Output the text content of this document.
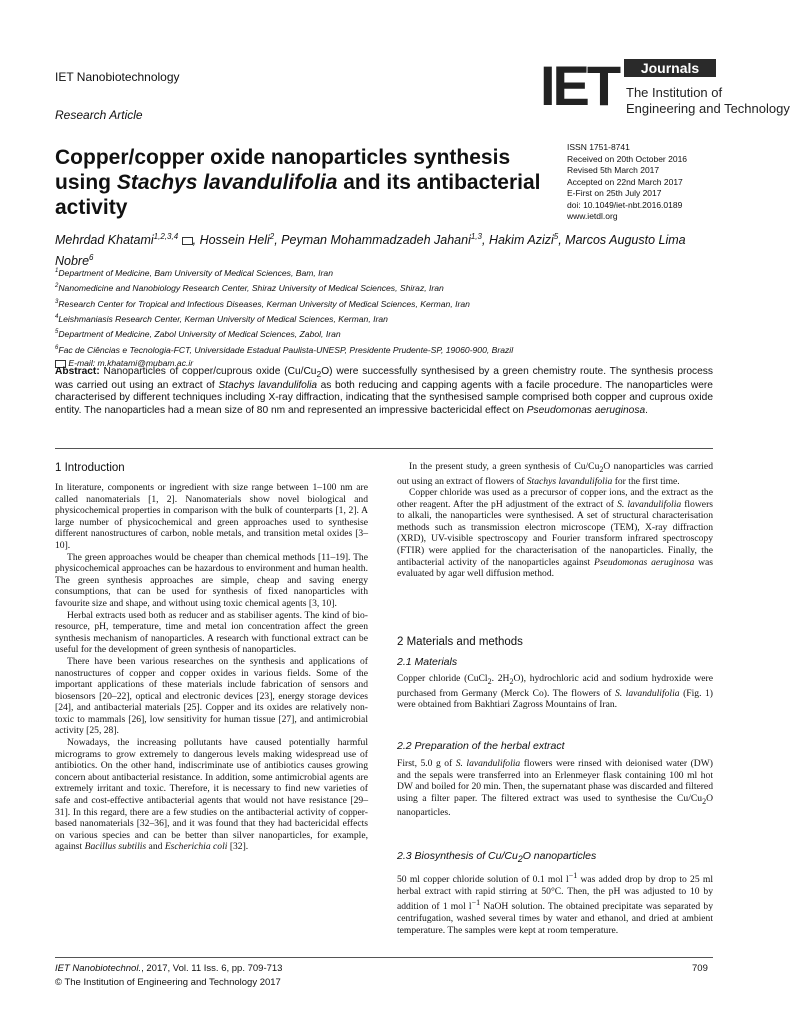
IET Nanobiotechnology
Research Article	IET	Journals
The Institution of
Engineering and Technology
Copper/copper oxide nanoparticles synthesis using Stachys lavandulifolia and its antibacterial activity
ISSN 1751-8741
Received on 20th October 2016
Revised 5th March 2017
Accepted on 22nd March 2017
E-First on 25th July 2017
doi: 10.1049/iet-nbt.2016.0189
www.ietdl.org
Mehrdad Khatami$^{1,2,3,4}$ , Hossein Heli$^2$, Peyman Mohammadzadeh Jahani$^{1,3}$, Hakim Azizi$^5$, Marcos Augusto Lima Nobre$^6$
$^1$Department of Medicine, Bam University of Medical Sciences, Bam, Iran
$^2$Nanomedicine and Nanobiology Research Center, Shiraz University of Medical Sciences, Shiraz, Iran
$^3$Research Center for Tropical and Infectious Diseases, Kerman University of Medical Sciences, Kerman, Iran
$^4$Leishmaniasis Research Center, Kerman University of Medical Sciences, Kerman, Iran
$^5$Department of Medicine, Zabol University of Medical Sciences, Zabol, Iran
$^6$Fac de Ciências e Tecnologia-FCT, Universidade Estadual Paulista-UNESP, Presidente Prudente-SP, 19060-900, Brazil
E-mail: m.khatami@mubam.ac.ir
Abstract: Nanoparticles of copper/cuprous oxide $(Cu/Cu_2O)$ were successfully synthesised by a green chemistry route. The synthesis process was carried out using an extract of Stachys lavandulifolia as both reducing and capping agents with a facile procedure. The nanoparticles were characterised by different techniques including X-ray diffraction, indicating that the synthesised sample comprised both copper and cuprous oxide entity. The nanoparticles had a mean size of 80 nm and represented an impressive bactericidal effect on Pseudomonas aeruginosa.
1 Introduction

In literature, components or ingredient with size range between 1–100 nm are called nanomaterials [1, 2]. Nanomaterials show novel biological and physicochemical properties in comparison with the bulk of counterparts [1, 2]. A large number of physicochemical and green approaches used to synthesise different nanostructures of carbon, noble metals, and transition metal oxides [3–10].

The green approaches would be cheaper than chemical methods [11–19]. The physicochemical approaches can be hazardous to environment and human health. The green synthesis approaches are simple, cheap and saving energy consumptions, that can be used for synthesis of fixed nanoparticles with favourite size and shape, and without using toxic chemical agents [3, 10].

Herbal extracts used both as reducer and as stabiliser agents. The kind of bio-resource, pH, temperature, time and metal ion concentration affect the green synthesis mechanism of nanoparticles. A research with functional extract can be useful for the development of green synthesis of nanoparticles.

There have been various researches on the synthesis and applications of nanostructures of copper and copper oxides in various fields. Some of the important applications of these materials include fabrication of sensors and biosensors [20–22], optical and electronic devices [23], energy storage devices [24], and antibacterial materials [25]. Copper and its oxides are relatively non-toxic to mammals [26], low sensitivity for human tissue [27], and antimicrobial activity [25, 28].

Nowadays, the increasing pollutants have caused potentially harmful micrograms to grow extremely to dangerous levels making widespread use of antibiotics. On the other hand, indiscriminate use of antibiotics causes growing concern about antibacterial resistance. In addition, some antimicrobial agents are extremely irritant and toxic. Therefore, it is necessary to find new varieties of safe and cost-effective antibacterial agents that would not have resistance [29–31]. In this regard, there are a few studies on the antibacterial activity of copper-based nanomaterials [32–36], and it was found that they had bactericidal effects on various species and can be better than silver nanoparticles, for example, against Bacillus subtilis and Escherichia coli [32].

In the present study, a green synthesis of $Cu/Cu_2O$ nanoparticles was carried out using an extract of flowers of Stachys lavandulifolia for the first time.

Copper chloride was used as a precursor of copper ions, and the extract as the other reagent. After the pH adjustment of the extract of S. lavandulifolia flowers to alkali, the nanoparticles were synthesised. A set of structural characterisation methods such as transmission electron microscope (TEM), X-ray diffraction (XRD), UV-visible spectroscopy and Fourier transform infrared spectroscopy (FTIR) were applied for the characterisation of the nanoparticles. Finally, the antibacterial activity of the nanoparticles against Pseudomonas aeruginosa was evaluated by agar well diffusion method.

2 Materials and methods
2.1 Materials
Copper chloride (CuCl$_2$. $2H_2O$), hydrochloric acid and sodium hydroxide were purchased from Germany (Merck Co). The flowers of S. lavandulifolia (Fig. 1) were obtained from Bakhtiari Zagross Mountains of Iran.
2.2 Preparation of the herbal extract
First, 5.0 g of S. lavandulifolia flowers were rinsed with deionised water (DW) and the sepals were transferred into an Erlenmeyer flask containing 100 ml hot DW and boiled for 20 min. Then, the supernatant phase was discarded and filtered using a filter paper. The filtered extract was used to synthesise the $Cu/Cu_2O$ nanoparticles.
2.3 Biosynthesis of $Cu/Cu_2O$ nanoparticles
50 ml copper chloride solution of 0.1 mol $l^{-1}$ was added drop by drop to 25 ml herbal extract with rapid stirring at 50°C. Then, the pH was adjusted to 10 by addition of 1 mol $l^{-1}$ NaOH solution. The obtained precipitate was separated by centrifugation, washed several times by water and ethanol, and dried at ambient temperature. The samples were kept at room temperature.
IET Nanobiotechnol., 2017, Vol. 11 Iss. 6, pp. 709-713
© The Institution of Engineering and Technology 2017
709
